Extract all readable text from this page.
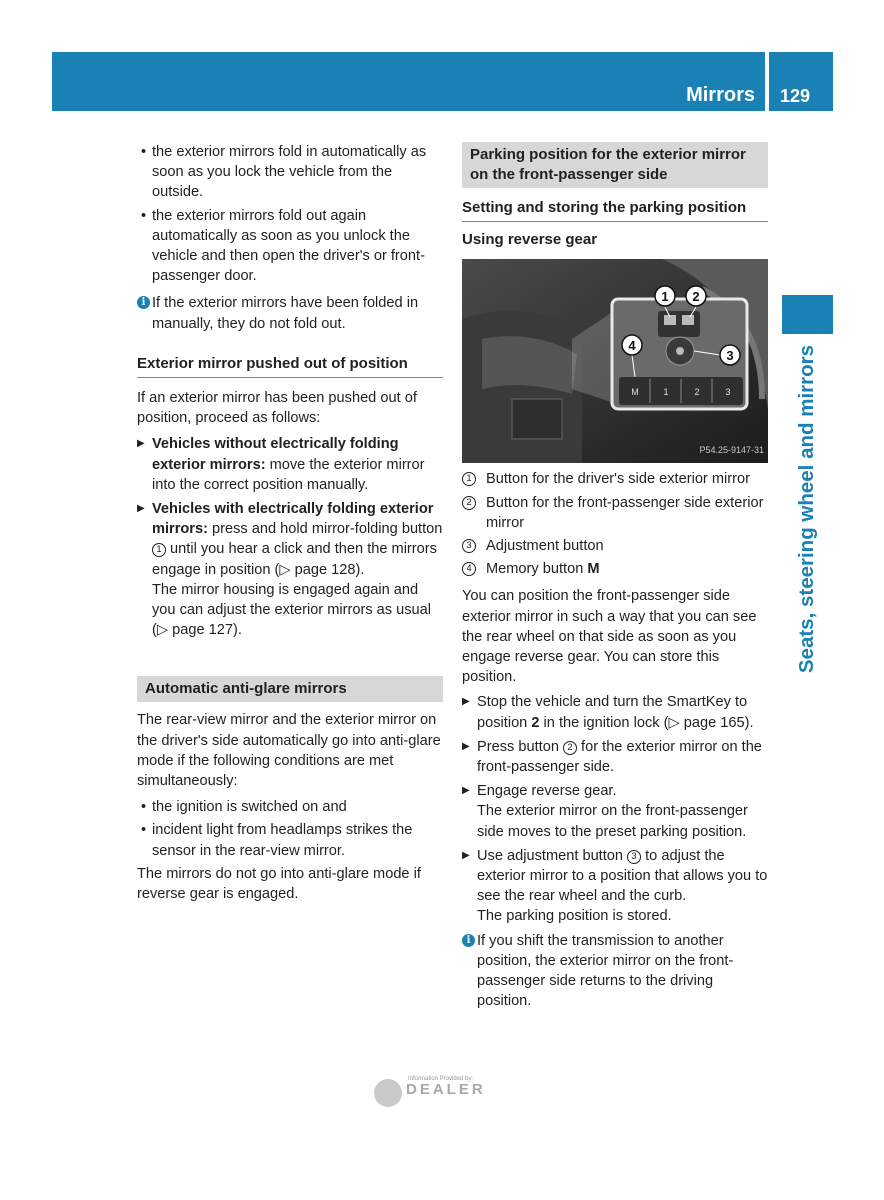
Mirrors 129
Seats, steering wheel and mirrors

• the exterior mirrors fold in automatically as soon as you lock the vehicle from the outside.

• the exterior mirrors fold out again automatically as soon as you unlock the vehicle and then open the driver's or front-passenger door.

i If the exterior mirrors have been folded in manually, they do not fold out.

Exterior mirror pushed out of position

If an exterior mirror has been pushed out of position, proceed as follows:

▶ Vehicles without electrically folding exterior mirrors: move the exterior mirror into the correct position manually.

▶ Vehicles with electrically folding exterior mirrors: press and hold mirror-folding button 1 until you hear a click and then the mirrors engage in position (▷ page 128).
The mirror housing is engaged again and you can adjust the exterior mirrors as usual (▷ page 127).

Automatic anti-glare mirrors

The rear-view mirror and the exterior mirror on the driver's side automatically go into anti-glare mode if the following conditions are met simultaneously:

• the ignition is switched on and

• incident light from headlamps strikes the sensor in the rear-view mirror.

The mirrors do not go into anti-glare mode if reverse gear is engaged.

Parking position for the exterior mirror on the front-passenger side
Setting and storing the parking position
Using reverse gear
M	1	2	3
1 2
3
4
P54.25-9147-31

1 Button for the driver's side exterior mirror

2 Button for the front-passenger side exterior mirror

3 Adjustment button

4 Memory button M

You can position the front-passenger side exterior mirror in such a way that you can see the rear wheel on that side as soon as you engage reverse gear. You can store this position.

▶ Stop the vehicle and turn the SmartKey to position 2 in the ignition lock (▷ page 165).

▶ Press button 2 for the exterior mirror on the front-passenger side.

▶ Engage reverse gear.
The exterior mirror on the front-passenger side moves to the preset parking position.

▶ Use adjustment button 3 to adjust the exterior mirror to a position that allows you to see the rear wheel and the curb.
The parking position is stored.

i If you shift the transmission to another position, the exterior mirror on the front-passenger side returns to the driving position.

Information Provided by:
DEALER
